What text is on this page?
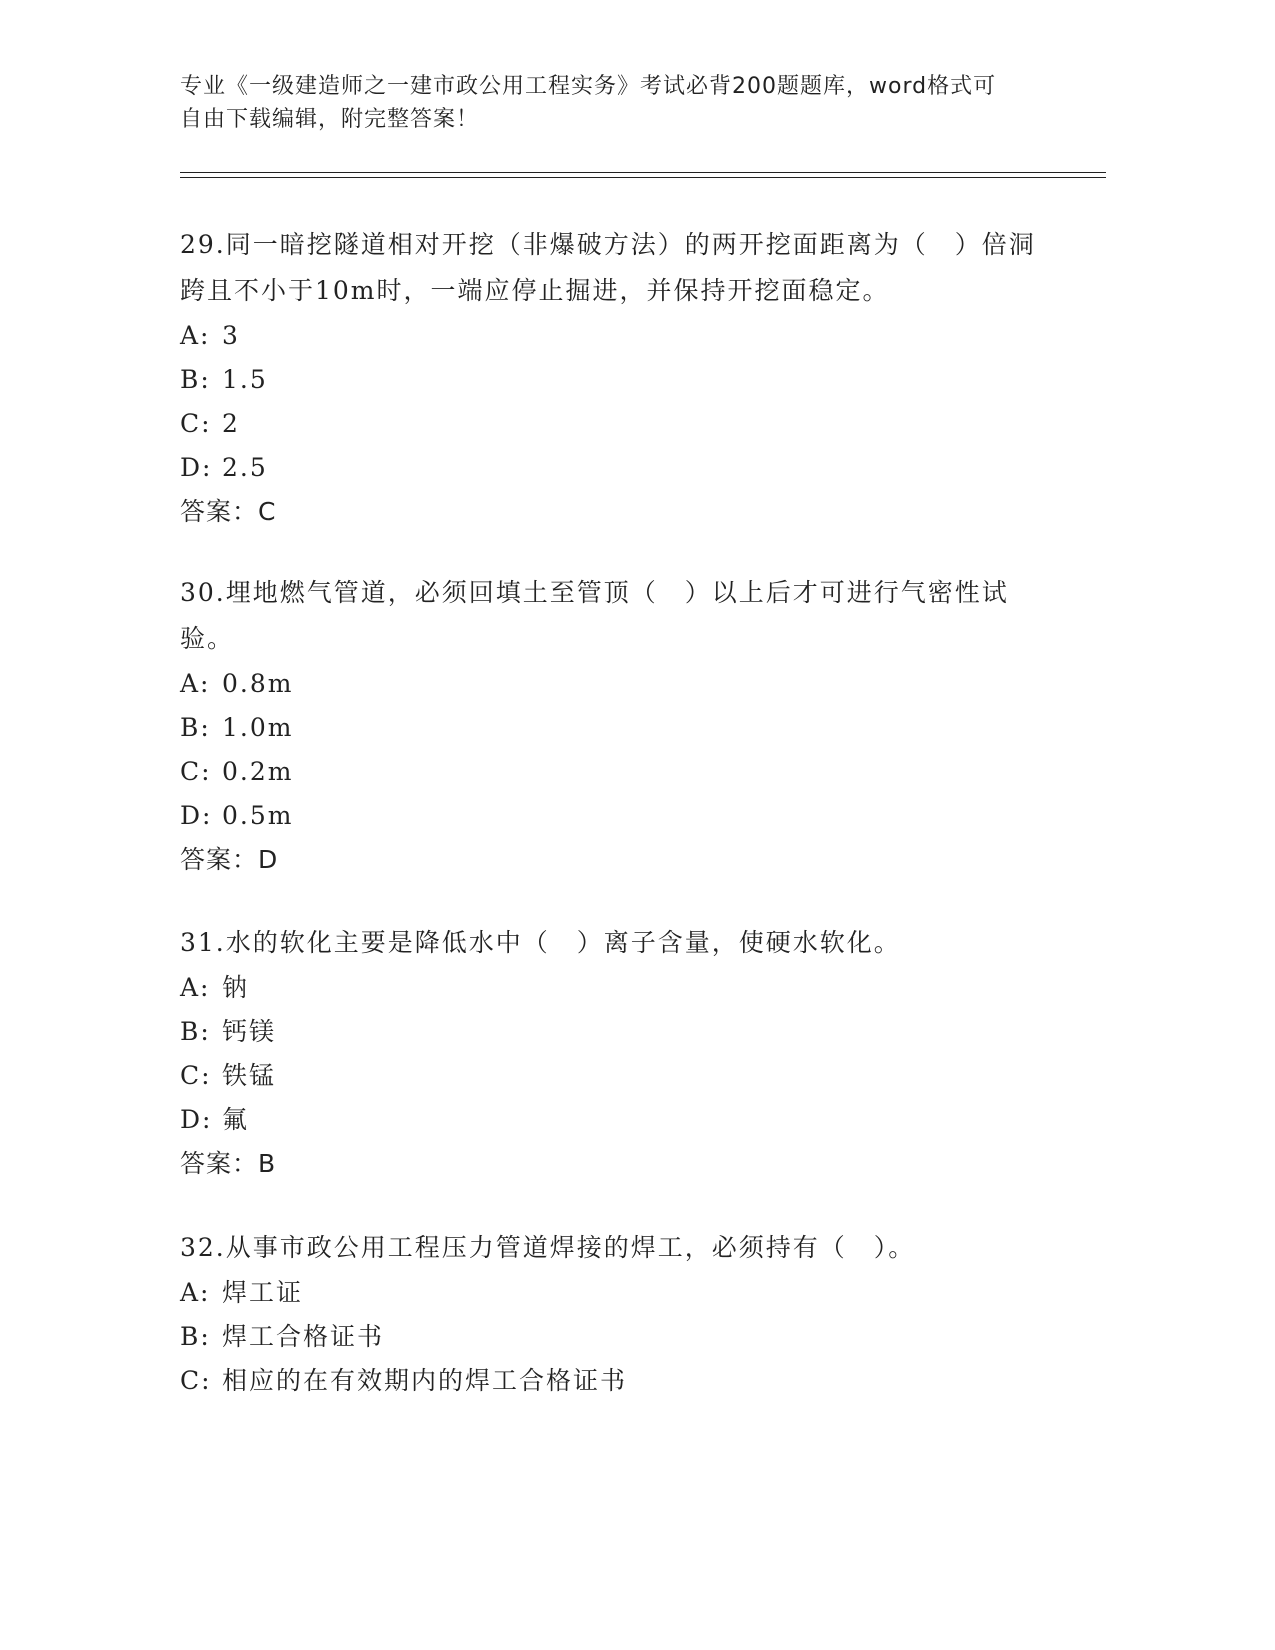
专业《一级建造师之一建市政公用工程实务》考试必背200题题库，word格式可
自由下载编辑，附完整答案！

29.同一暗挖隧道相对开挖（非爆破方法）的两开挖面距离为（　）倍洞跨且不小于10m时，一端应停止掘进，并保持开挖面稳定。

A: 3

B: 1.5

C: 2

D: 2.5

答案：C

30.埋地燃气管道，必须回填土至管顶（　）以上后才可进行气密性试验。

A: 0.8m

B: 1.0m

C: 0.2m

D: 0.5m

答案：D

31.水的软化主要是降低水中（　）离子含量，使硬水软化。

A: 钠

B: 钙镁

C: 铁锰

D: 氟

答案：B

32.从事市政公用工程压力管道焊接的焊工，必须持有（　）。

A: 焊工证

B: 焊工合格证书

C: 相应的在有效期内的焊工合格证书
